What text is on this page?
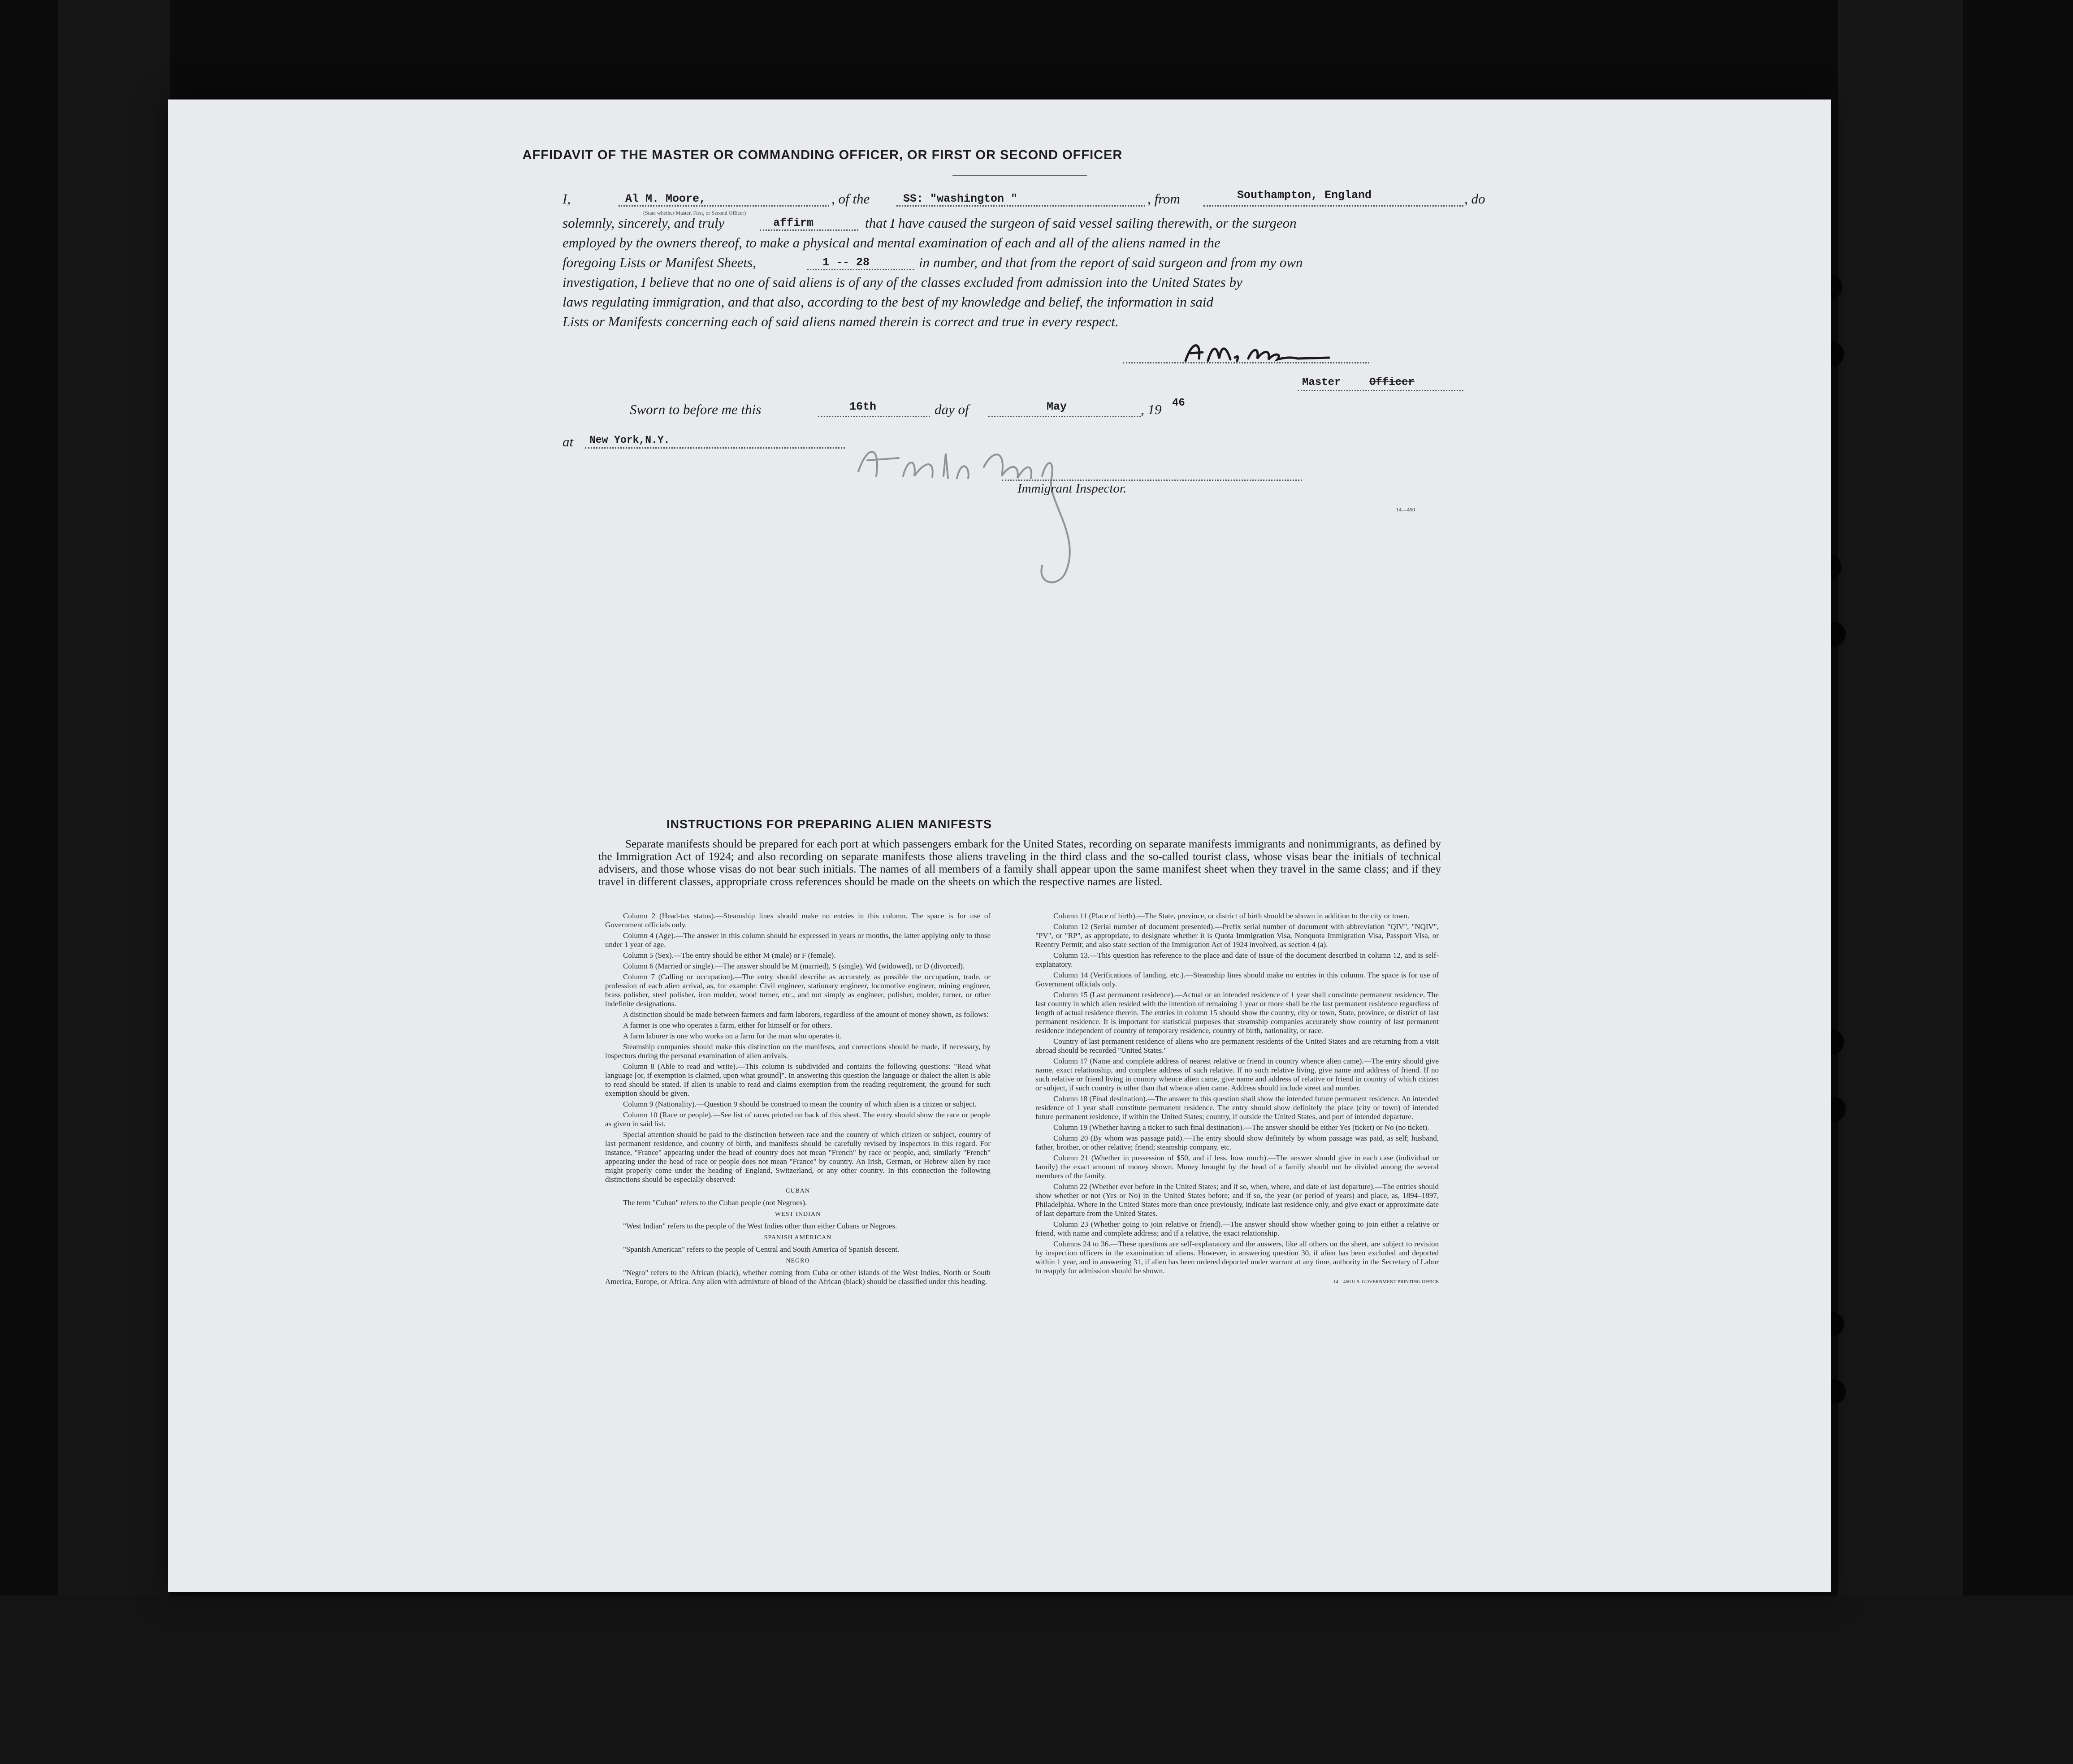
AFFIDAVIT OF THE MASTER OR COMMANDING OFFICER, OR FIRST OR SECOND OFFICER
I,	Al M. Moore,	, of the	SS: "washington "	, from	Southampton, England	, do
(State whether Master, First, or Second Officer)
solemnly, sincerely, and truly	affirm	that I have caused the surgeon of said vessel sailing therewith, or the surgeon
employed by the owners thereof, to make a physical and mental examination of each and all of the aliens named in the
foregoing Lists or Manifest Sheets,	1 -- 28	in number, and that from the report of said surgeon and from my own
investigation, I believe that no one of said aliens is of any of the classes excluded from admission into the United States by
laws regulating immigration, and that also, according to the best of my knowledge and belief, the information in said
Lists or Manifests concerning each of said aliens named therein is correct and true in every respect.
Master	Officer
Sworn to before me this	16th	day of	May	, 19 46
at New York,N.Y.
Immigrant Inspector.
14—450
INSTRUCTIONS FOR PREPARING ALIEN MANIFESTS
Separate manifests should be prepared for each port at which passengers embark for the United States, recording on separate manifests immigrants and nonimmigrants, as defined by the Immigration Act of 1924; and also recording on separate manifests those aliens traveling in the third class and the so-called tourist class, whose visas bear the initials of technical advisers, and those whose visas do not bear such initials. The names of all members of a family shall appear upon the same manifest sheet when they travel in the same class; and if they travel in different classes, appropriate cross references should be made on the sheets on which the respective names are listed.

Column 2 (Head-tax status).—Steamship lines should make no entries in this column. The space is for use of Government officials only.

Column 4 (Age).—The answer in this column should be expressed in years or months, the latter applying only to those under 1 year of age.

Column 5 (Sex).—The entry should be either M (male) or F (female).

Column 6 (Married or single).—The answer should be M (married), S (single), Wd (widowed), or D (divorced).

Column 7 (Calling or occupation).—The entry should describe as accurately as possible the occupation, trade, or profession of each alien arrival, as, for example: Civil engineer, stationary engineer, locomotive engineer, mining engineer, brass polisher, steel polisher, iron molder, wood turner, etc., and not simply as engineer, polisher, molder, turner, or other indefinite designations.

A distinction should be made between farmers and farm laborers, regardless of the amount of money shown, as follows:

A farmer is one who operates a farm, either for himself or for others.

A farm laborer is one who works on a farm for the man who operates it.

Steamship companies should make this distinction on the manifests, and corrections should be made, if necessary, by inspectors during the personal examination of alien arrivals.

Column 8 (Able to read and write).—This column is subdivided and contains the following questions: "Read what language [or, if exemption is claimed, upon what ground]". In answering this question the language or dialect the alien is able to read should be stated. If alien is unable to read and claims exemption from the reading requirement, the ground for such exemption should be given.

Column 9 (Nationality).—Question 9 should be construed to mean the country of which alien is a citizen or subject.

Column 10 (Race or people).—See list of races printed on back of this sheet. The entry should show the race or people as given in said list.

Special attention should be paid to the distinction between race and the country of which citizen or subject, country of last permanent residence, and country of birth, and manifests should be carefully revised by inspectors in this regard. For instance, "France" appearing under the head of country does not mean "French" by race or people, and, similarly "French" appearing under the head of race or people does not mean "France" by country. An Irish, German, or Hebrew alien by race might properly come under the heading of England, Switzerland, or any other country. In this connection the following distinctions should be especially observed:

CUBAN

The term "Cuban" refers to the Cuban people (not Negroes).

WEST INDIAN

"West Indian" refers to the people of the West Indies other than either Cubans or Negroes.

SPANISH AMERICAN

"Spanish American" refers to the people of Central and South America of Spanish descent.

NEGRO

"Negro" refers to the African (black), whether coming from Cuba or other islands of the West Indies, North or South America, Europe, or Africa. Any alien with admixture of blood of the African (black) should be classified under this heading.

Column 11 (Place of birth).—The State, province, or district of birth should be shown in addition to the city or town.

Column 12 (Serial number of document presented).—Prefix serial number of document with abbreviation "QIV", "NQIV", "PV", or "RP", as appropriate, to designate whether it is Quota Immigration Visa, Nonquota Immigration Visa, Passport Visa, or Reentry Permit; and also state section of the Immigration Act of 1924 involved, as section 4 (a).

Column 13.—This question has reference to the place and date of issue of the document described in column 12, and is self-explanatory.

Column 14 (Verifications of landing, etc.).—Steamship lines should make no entries in this column. The space is for use of Government officials only.

Column 15 (Last permanent residence).—Actual or an intended residence of 1 year shall constitute permanent residence. The last country in which alien resided with the intention of remaining 1 year or more shall be the last permanent residence regardless of length of actual residence therein. The entries in column 15 should show the country, city or town, State, province, or district of last permanent residence. It is important for statistical purposes that steamship companies accurately show country of last permanent residence independent of country of temporary residence, country of birth, nationality, or race.

Country of last permanent residence of aliens who are permanent residents of the United States and are returning from a visit abroad should be recorded "United States."

Column 17 (Name and complete address of nearest relative or friend in country whence alien came).—The entry should give name, exact relationship, and complete address of such relative. If no such relative living, give name and address of friend. If no such relative or friend living in country whence alien came, give name and address of relative or friend in country of which citizen or subject, if such country is other than that whence alien came. Address should include street and number.

Column 18 (Final destination).—The answer to this question shall show the intended future permanent residence. An intended residence of 1 year shall constitute permanent residence. The entry should show definitely the place (city or town) of intended future permanent residence, if within the United States; country, if outside the United States, and port of intended departure.

Column 19 (Whether having a ticket to such final destination).—The answer should be either Yes (ticket) or No (no ticket).

Column 20 (By whom was passage paid).—The entry should show definitely by whom passage was paid, as self; husband, father, brother, or other relative; friend; steamship company, etc.

Column 21 (Whether in possession of $50, and if less, how much).—The answer should give in each case (individual or family) the exact amount of money shown. Money brought by the head of a family should not be divided among the several members of the family.

Column 22 (Whether ever before in the United States; and if so, when, where, and date of last departure).—The entries should show whether or not (Yes or No) in the United States before; and if so, the year (or period of years) and place, as, 1894–1897, Philadelphia. Where in the United States more than once previously, indicate last residence only, and give exact or approximate date of last departure from the United States.

Column 23 (Whether going to join relative or friend).—The answer should show whether going to join either a relative or friend, with name and complete address; and if a relative, the exact relationship.

Columns 24 to 36.—These questions are self-explanatory and the answers, like all others on the sheet, are subject to revision by inspection officers in the examination of aliens. However, in answering question 30, if alien has been excluded and deported within 1 year, and in answering 31, if alien has been ordered deported under warrant at any time, authority in the Secretary of Labor to reapply for admission should be shown.

14—450 U.S. GOVERNMENT PRINTING OFFICE
